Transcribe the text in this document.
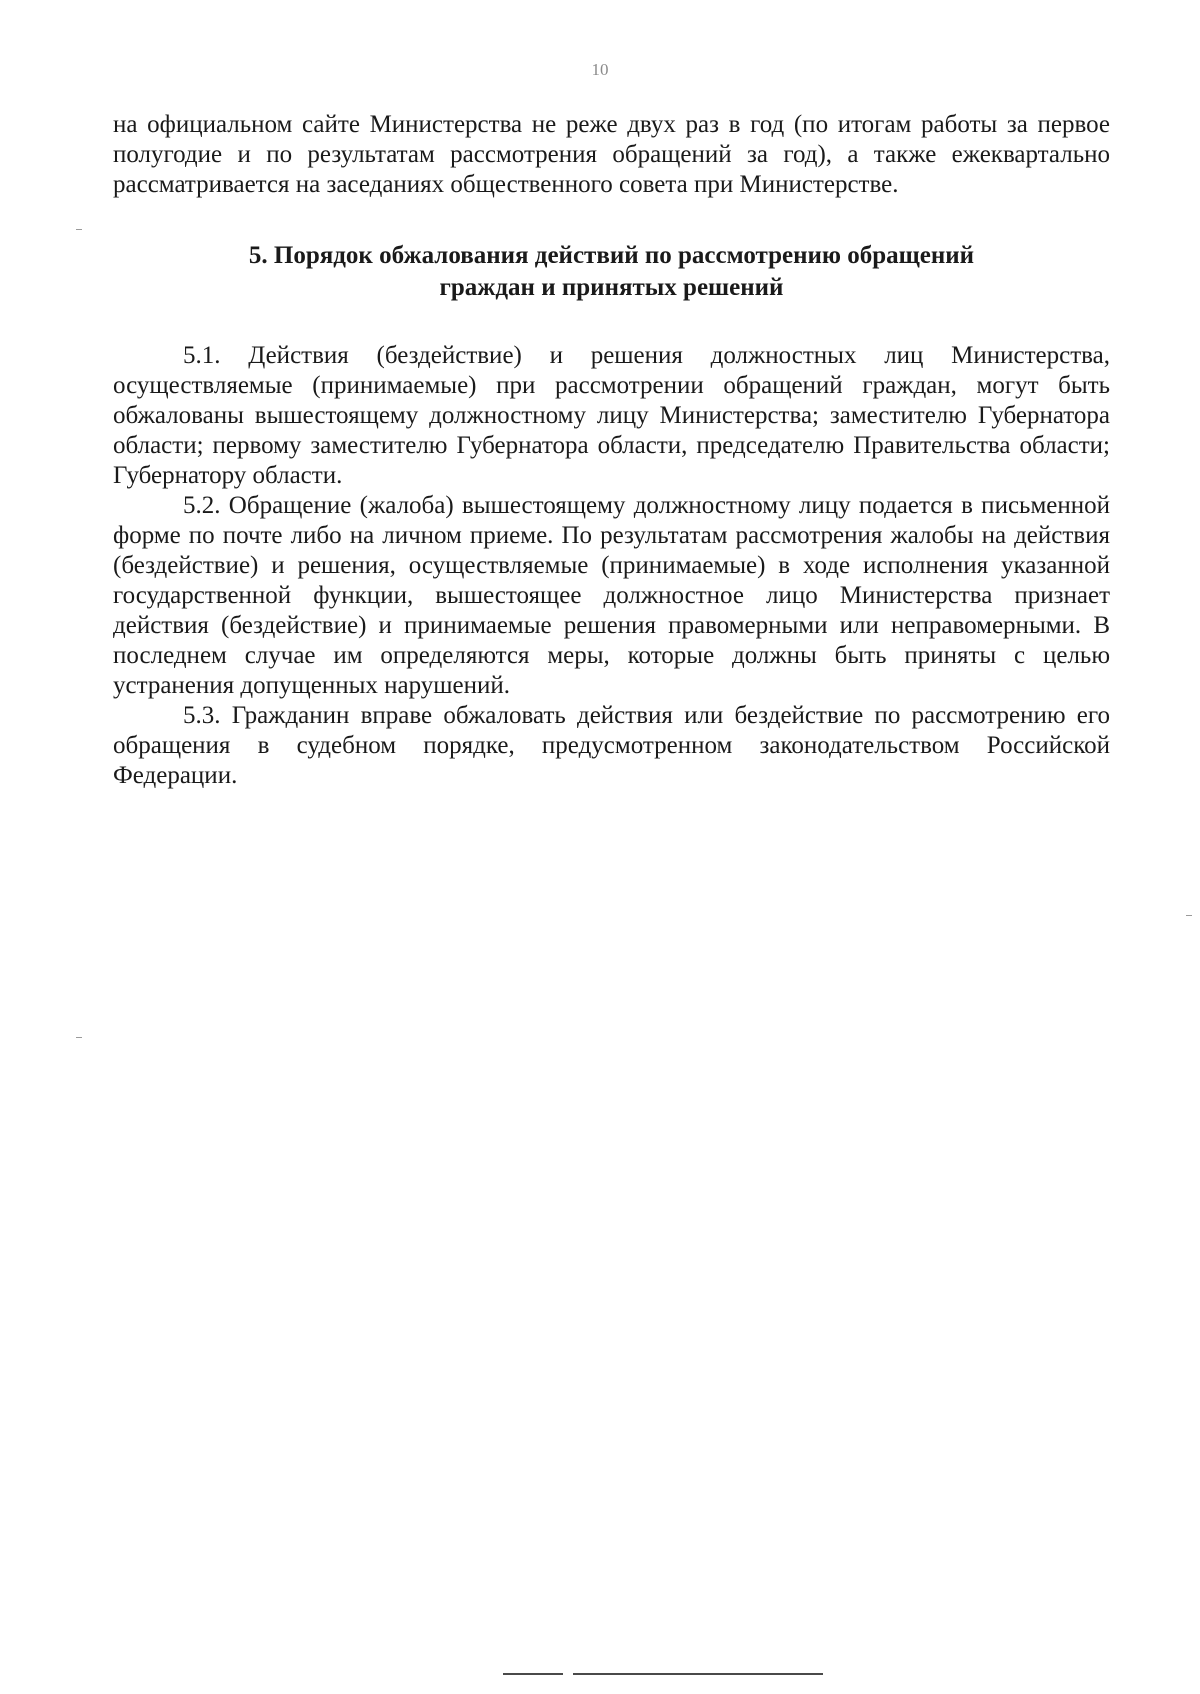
10

на официальном сайте Министерства не реже двух раз в год (по итогам работы за первое полугодие и по результатам рассмотрения обращений за год), а также ежеквартально рассматривается на заседаниях общественного совета при Министерстве.

5. Порядок обжалования действий по рассмотрению обращений
граждан и принятых решений

5.1. Действия (бездействие) и решения должностных лиц Министерства, осуществляемые (принимаемые) при рассмотрении обращений граждан, могут быть обжалованы вышестоящему должностному лицу Министерства; заместителю Губернатора области; первому заместителю Губернатора области, председателю Правительства области; Губернатору области.

5.2. Обращение (жалоба) вышестоящему должностному лицу подается в письменной форме по почте либо на личном приеме. По результатам рассмотрения жалобы на действия (бездействие) и решения, осуществляемые (принимаемые) в ходе исполнения указанной государственной функции, вышестоящее должностное лицо Министерства признает действия (бездействие) и принимаемые решения правомерными или неправомерными. В последнем случае им определяются меры, которые должны быть приняты с целью устранения допущенных нарушений.

5.3. Гражданин вправе обжаловать действия или бездействие по рассмотрению его обращения в судебном порядке, предусмотренном законодательством Российской Федерации.
